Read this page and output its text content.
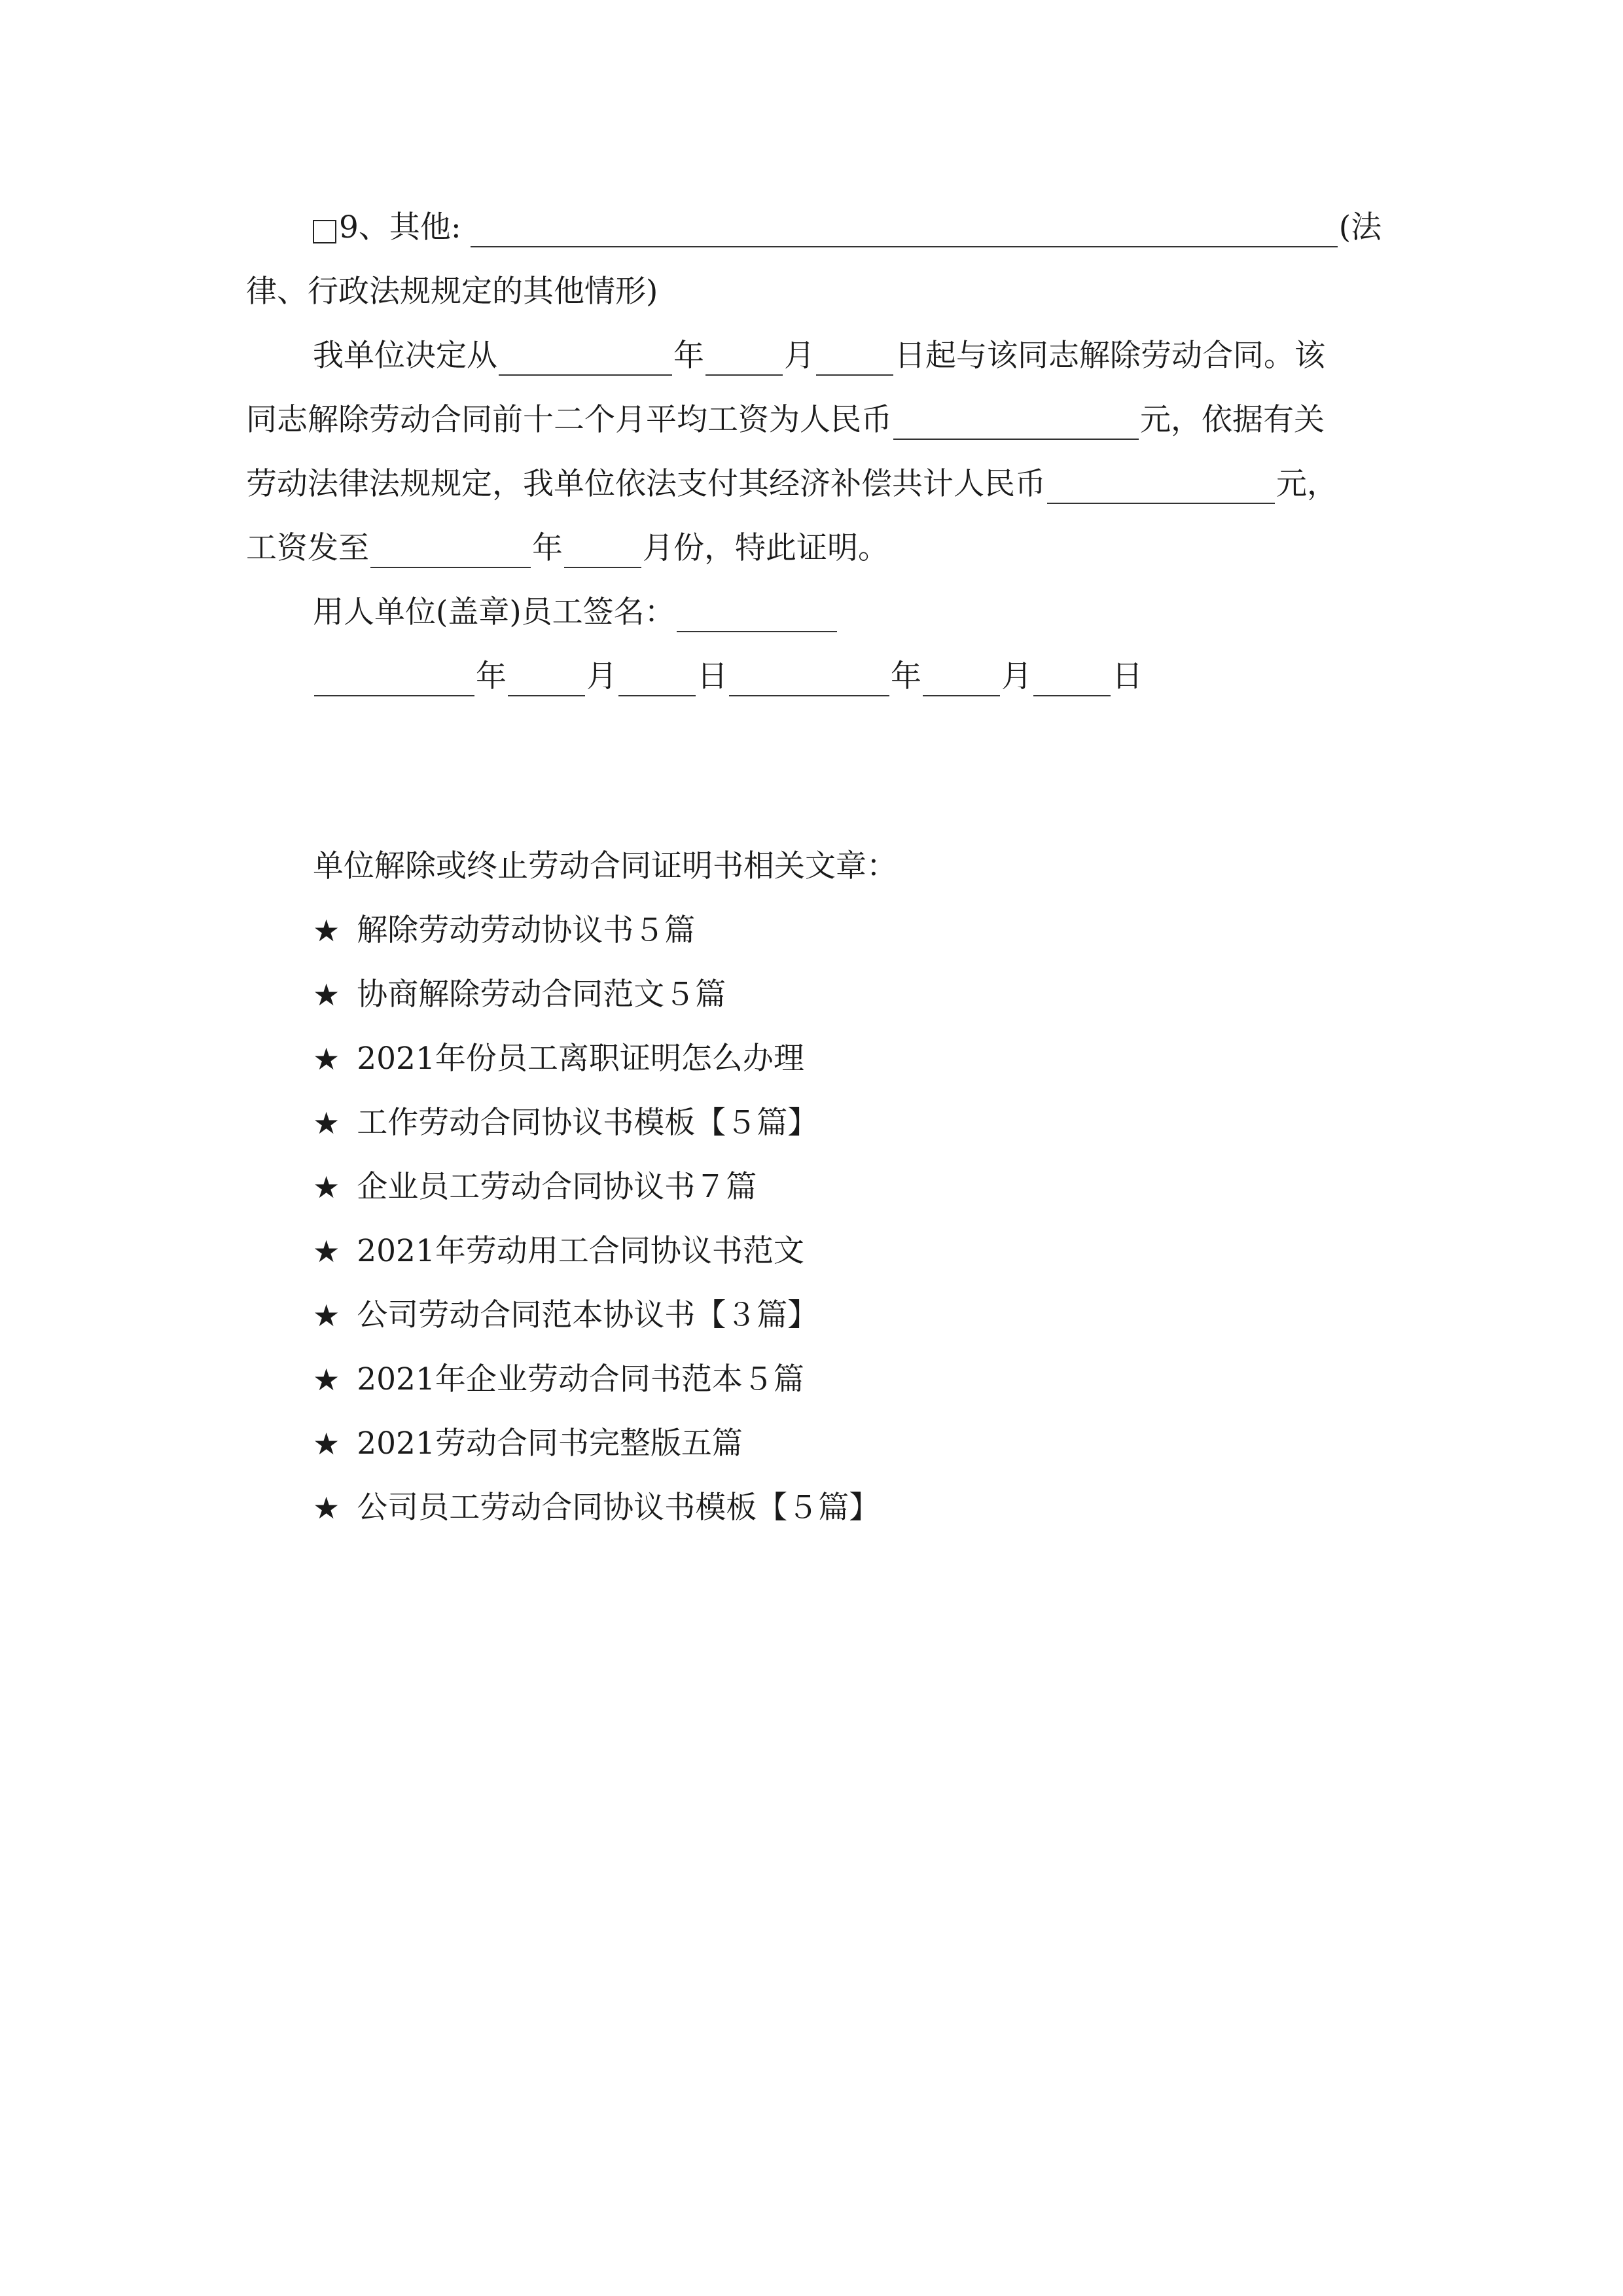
9、其他:	(法
律、行政法规规定的其他情形)
我单位决定从	年	月	日起与该同志解除劳动合同。该
同志解除劳动合同前十二个月平均工资为人民币	元，依据有关
劳动法律法规规定，我单位依法支付其经济补偿共计人民币	元，
工资发至	年	月份，特此证明。
用人单位(盖章)员工签名：
年	月	日	年	月	日
单位解除或终止劳动合同证明书相关文章：
★ 解除劳动劳动协议书５篇
★ 协商解除劳动合同范文５篇
★ 2021年份员工离职证明怎么办理
★ 工作劳动合同协议书模板【５篇】
★ 企业员工劳动合同协议书７篇
★ 2021年劳动用工合同协议书范文
★ 公司劳动合同范本协议书【３篇】
★ 2021年企业劳动合同书范本５篇
★ 2021劳动合同书完整版五篇
★ 公司员工劳动合同协议书模板【５篇】
